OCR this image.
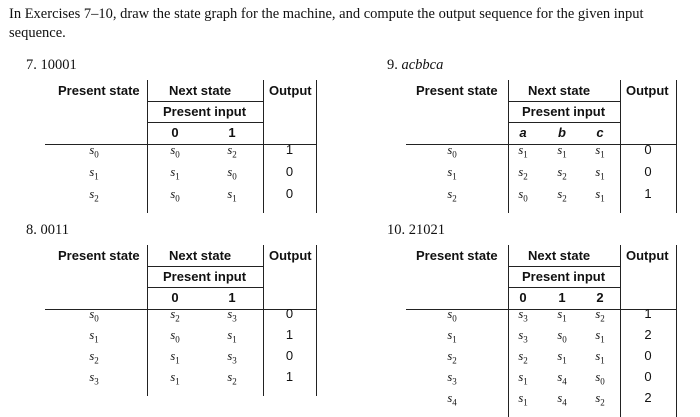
In Exercises 7–10, draw the state graph for the machine, and compute the output sequence for the given input sequence.
7. 10001
Present state Next state
Present input
Output
0	1
$s_0$	$s_0$	$s_2$	1
$s_1$	$s_1$	$s_0$	0
$s_2$	$s_0$	$s_1$	0
9. acbbca
Present state Next state
Present input
Output
a	b	c
$s_0$	$s_1$	$s_1$	$s_1$	0
$s_1$	$s_2$	$s_2$	$s_1$	0
$s_2$	$s_0$	$s_2$	$s_1$	1
8. 0011
Present state Next state
Present input
Output
0	1
$s_0$	$s_2$	$s_3$	0
$s_1$	$s_0$	$s_1$	1
$s_2$	$s_1$	$s_3$	0
$s_3$	$s_1$	$s_2$	1
10. 21021
Present state Next state
Present input
Output
0	1	2
$s_0$	$s_3$	$s_1$	$s_2$	1
$s_1$	$s_3$	$s_0$	$s_1$	2
$s_2$	$s_2$	$s_1$	$s_1$	0
$s_3$	$s_1$	$s_4$	$s_0$	0
$s_4$	$s_1$	$s_4$	$s_2$	2
